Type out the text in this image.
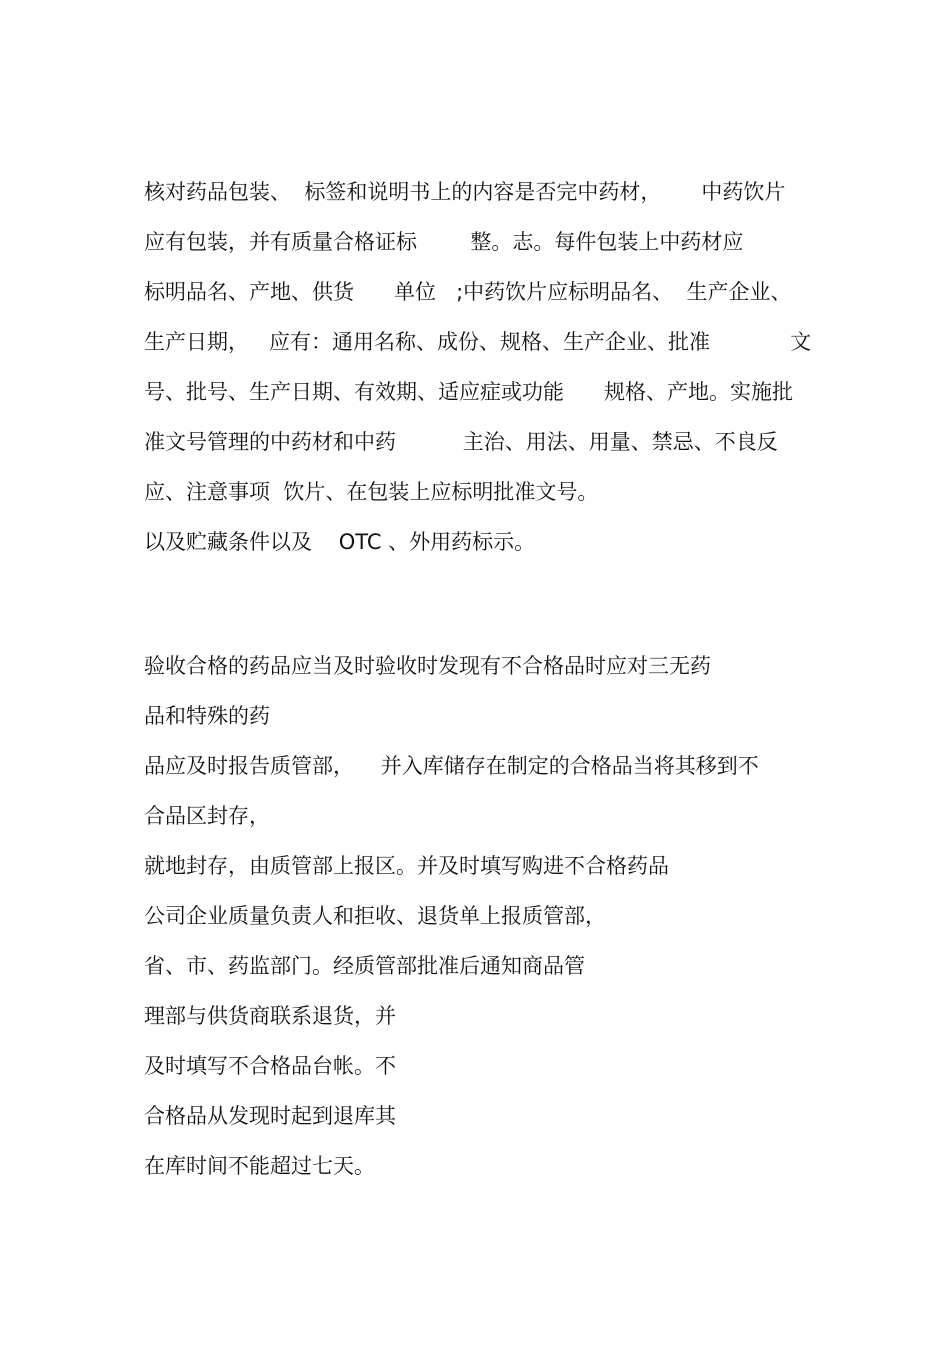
核对药品包装、  标签和说明书上的内容是否完中药材，      中药饮片
应有包装，并有质量合格证标        整。志。每件包装上中药材应
标明品名、产地、供货      单位   ;中药饮片应标明品名、  生产企业、
生产日期，   应有：通用名称、成份、规格、生产企业、批准            文
号、批号、生产日期、有效期、适应症或功能      规格、产地。实施批
准文号管理的中药材和中药          主治、用法、用量、禁忌、不良反
应、注意事项  饮片、在包装上应标明批准文号。
以及贮藏条件以及    OTC 、外用药标示。
验收合格的药品应当及时验收时发现有不合格品时应对三无药
品和特殊的药
品应及时报告质管部，    并入库储存在制定的合格品当将其移到不
合品区封存，
就地封存，由质管部上报区。并及时填写购进不合格药品
公司企业质量负责人和拒收、退货单上报质管部，
省、市、药监部门。经质管部批准后通知商品管
理部与供货商联系退货，并
及时填写不合格品台帐。不
合格品从发现时起到退库其
在库时间不能超过七天。
